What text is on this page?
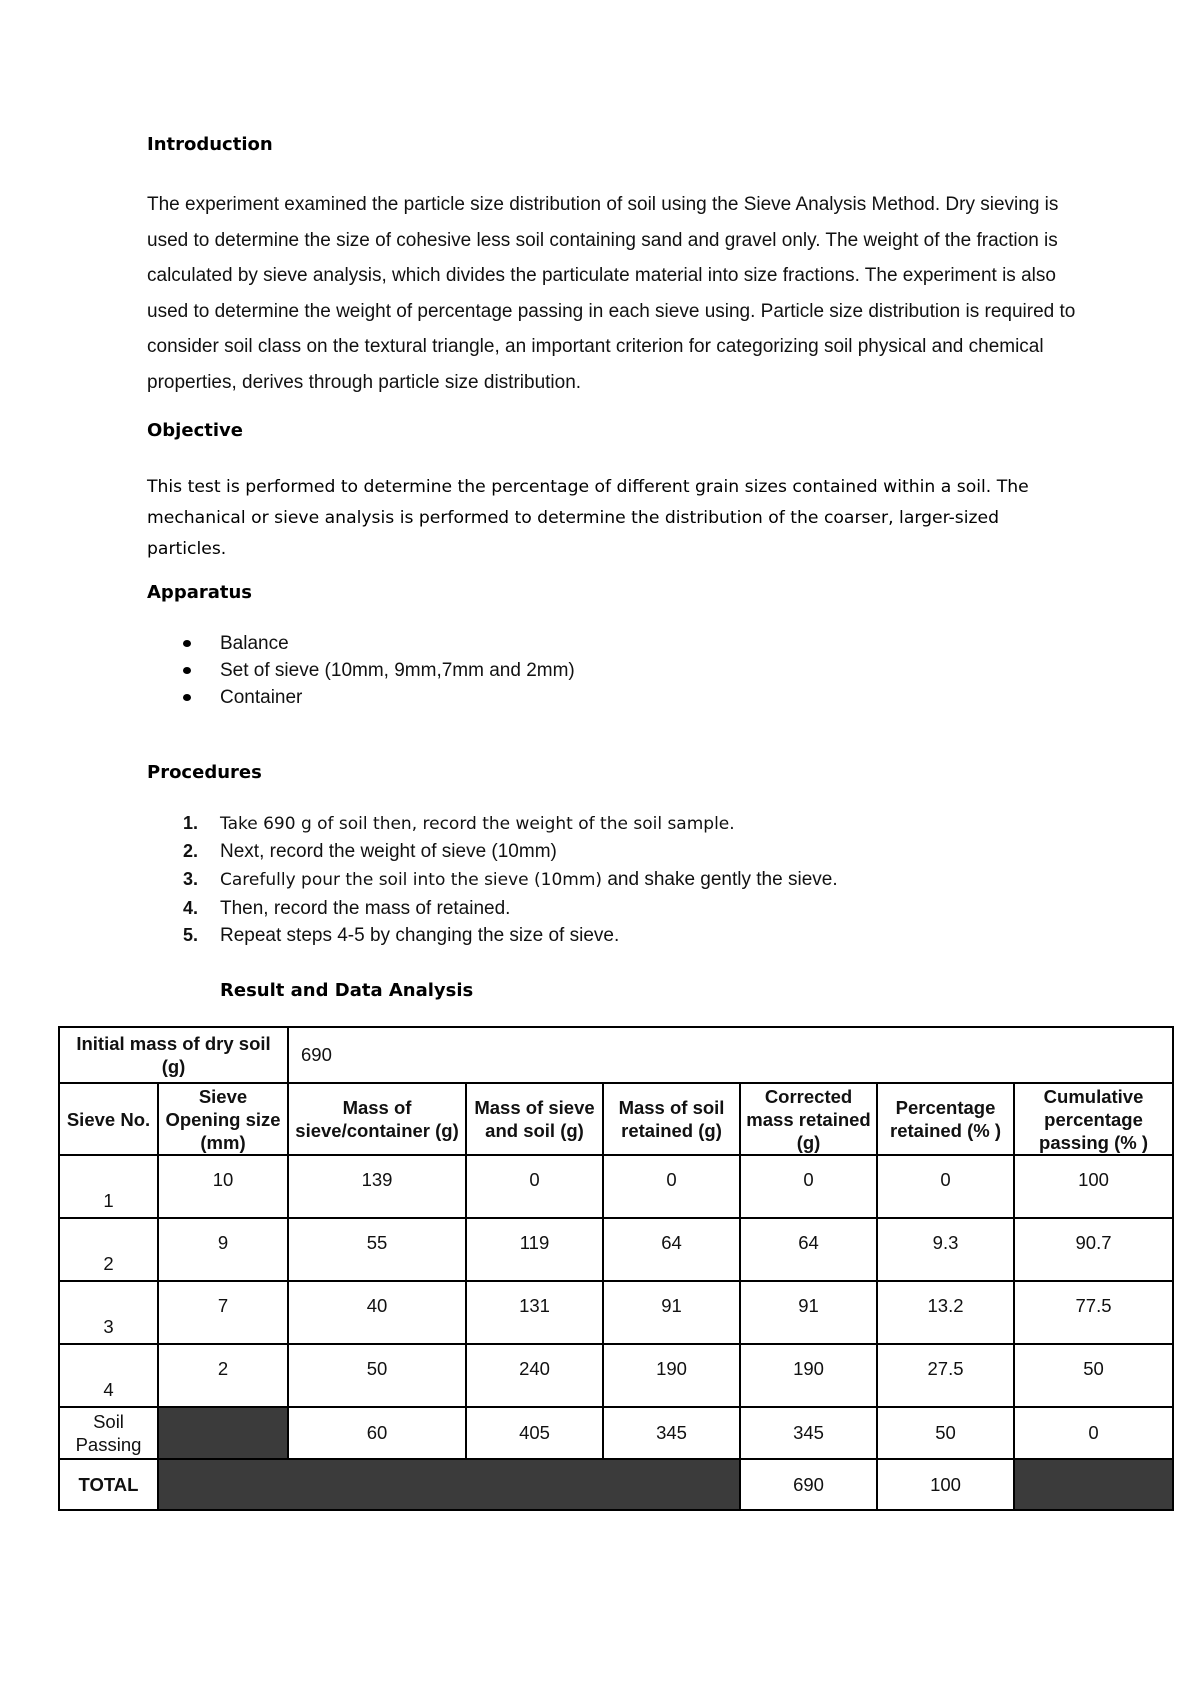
Introduction

The experiment examined the particle size distribution of soil using the Sieve Analysis Method. Dry sieving is used to determine the size of cohesive less soil containing sand and gravel only. The weight of the fraction is calculated by sieve analysis, which divides the particulate material into size fractions. The experiment is also used to determine the weight of percentage passing in each sieve using. Particle size distribution is required to consider soil class on the textural triangle, an important criterion for categorizing soil physical and chemical properties, derives through particle size distribution.

Objective

This test is performed to determine the percentage of different grain sizes contained within a soil. The mechanical or sieve analysis is performed to determine the distribution of the coarser, larger-sized particles.

Apparatus
Balance
Set of sieve (10mm, 9mm,7mm and 2mm)
Container
Procedures
1. Take 690 g of soil then, record the weight of the soil sample.
2. Next, record the weight of sieve (10mm)
3. Carefully pour the soil into the sieve (10mm) and shake gently the sieve.
4. Then, record the mass of retained.
5. Repeat steps 4-5 by changing the size of sieve.
Result and Data Analysis
Initial mass of dry soil (g)		690					
Sieve No.	Sieve Opening size (mm)	Mass of sieve/container (g)	Mass of sieve and soil (g)	Mass of soil retained (g)	Corrected mass retained (g)	Percentage retained (% )	Cumulative percentage passing (% )
1	10	139	0	0	0	0	100
2	9	55	119	64	64	9.3	90.7
3	7	40	131	91	91	13.2	77.5
4	2	50	240	190	190	27.5	50
Soil Passing		60	405	345	345	50	0
TOTAL					690	100	
